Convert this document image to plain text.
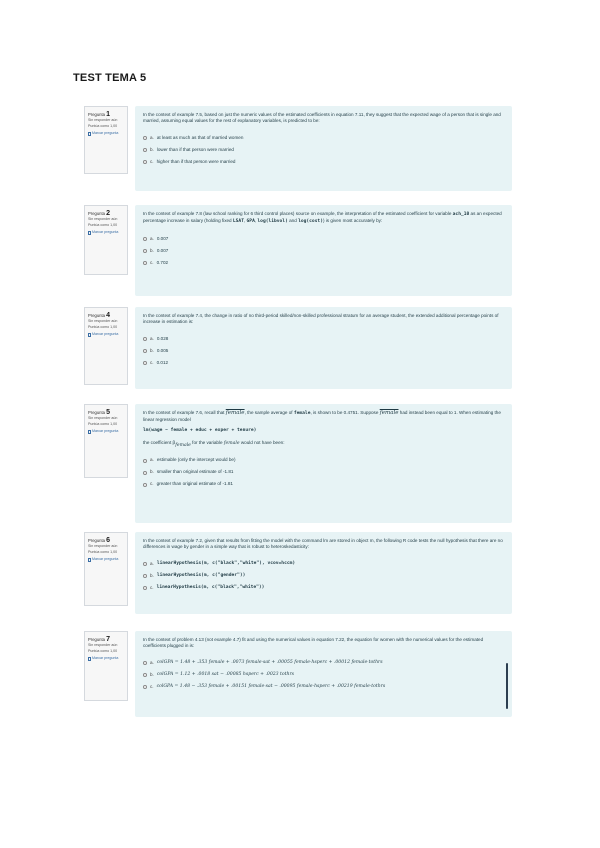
TEST TEMA 5
Pregunta 1
Sin responder aún
Puntúa como 1,00
Marcar pregunta
In the context of example 7.5, based on just the numeric values of the estimated coefficients in equation 7.11, they suggest that the expected wage of a person that is single and married, assuming equal values for the rest of explanatory variables, is predicted to be:
a. at least as much as that of married women
b. lower than if that person were married
c. higher than if that person were married
Pregunta 2
Sin responder aún
Puntúa como 1,00
Marcar pregunta
In the context of example 7.8 (law school ranking for 6 third control places) source on example, the interpretation of the estimated coefficient for variable ach_10 as an expected percentage increase in salary (holding fixed LSAT, GPA, log(libvol) and log(cost)) is given most accurately by:
a. 0.007
b. 0.007
c. 0.702
Pregunta 4
Sin responder aún
Puntúa como 1,00
Marcar pregunta
In the context of example 7.4, the change in ratio of no third-period skilled/non-skilled professional stratum for an average student, the extended additional percentage points of increase in estimation is:
a. 0.028
b. 0.005
c. 0.012
Pregunta 5
Sin responder aún
Puntúa como 1,00
Marcar pregunta
In the context of example 7.6, recall that female, the sample average of female, is shown to be 0.4751. Suppose female had instead been equal to 1. When estimating the linear regression model
lm(wage ~ female + educ + exper + tenure)
the coefficient $\beta_{female}$ for the variable female would not have been:
a. estimable (only the intercept would be)
b. smaller than original estimate of -1.81
c. greater than original estimate of -1.81
Pregunta 6
Sin responder aún
Puntúa como 1,00
Marcar pregunta
In the context of example 7.2, given that results from fitting the model with the command lm are stored in object m, the following R code tests the null hypothesis that there are no differences in wage by gender in a simple way that is robust to heteroskedasticity:
a. linearHypothesis(m, c("black","white"), vcov=hccm)
b. linearHypothesis(m, c("gender"))
c. linearHypothesis(m, c("black","white"))
Pregunta 7
Sin responder aún
Puntúa como 1,00
Marcar pregunta
In the context of problem 4.13 (not example 4.7) fit and using the numerical values in equation 7.22, the equation for women with the numerical values for the estimated coefficients plugged in is:
a. colGPA = 1.48 + .353 female + .0073 female·sat + .00055 female·hsperc + .00012 female·tothrs
b. colGPA = 1.12 + .0018 sat − .00085 hsperc + .0023 tothrs
c. colGPA = 1.48 − .353 female + .00151 female·sat − .00095 female·hsperc + .00219 female·tothrs
